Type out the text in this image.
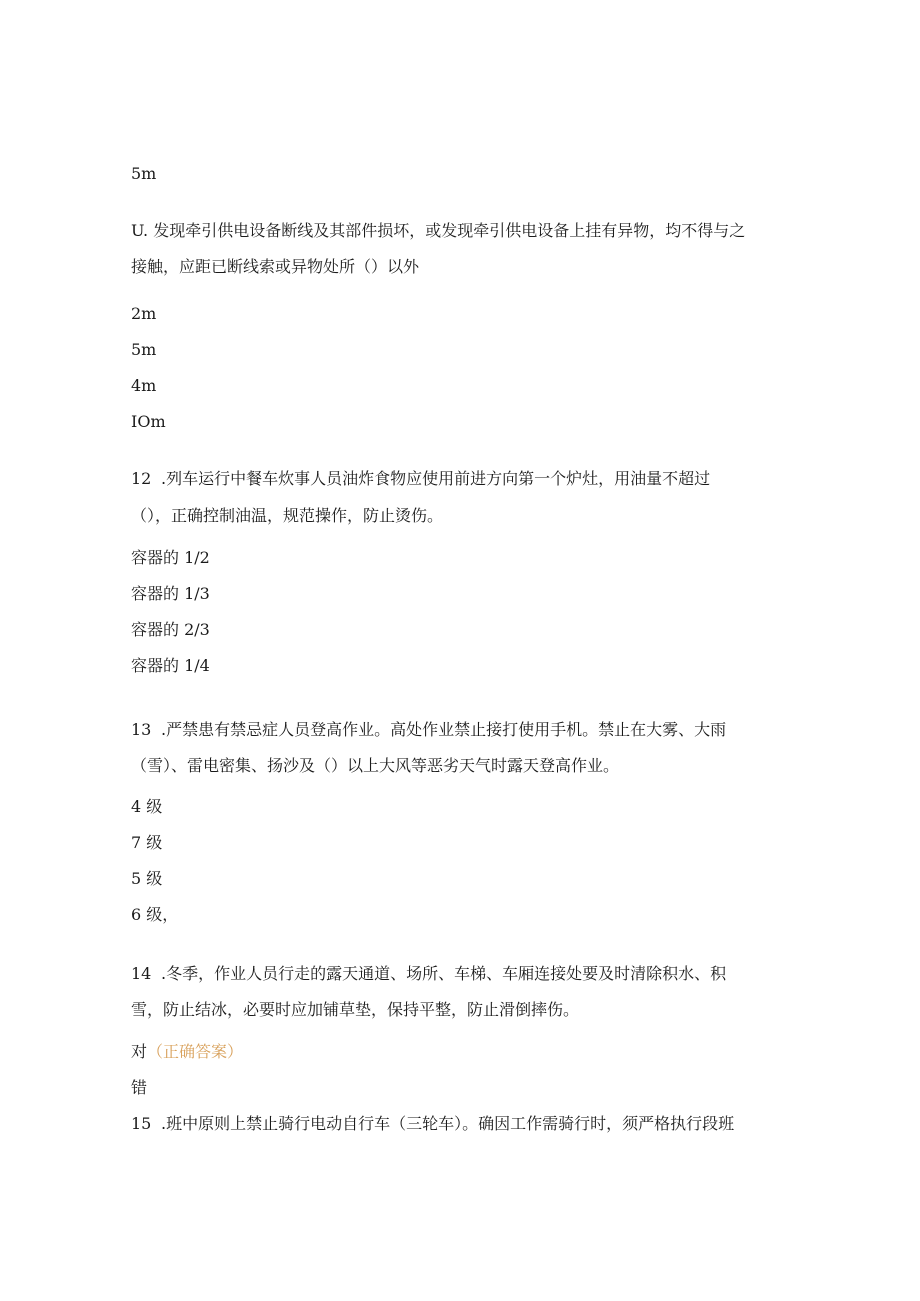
5m
U. 发现牵引供电设备断线及其部件损坏，或发现牵引供电设备上挂有异物，均不得与之
接触，应距已断线索或异物处所（）以外
2m
5m
4m
IOm
12 .列车运行中餐车炊事人员油炸食物应使用前进方向第一个炉灶，用油量不超过
（），正确控制油温，规范操作，防止烫伤。
容器的 1/2
容器的 1/3
容器的 2/3
容器的 1/4
13 .严禁患有禁忌症人员登高作业。高处作业禁止接打使用手机。禁止在大雾、大雨
（雪）、雷电密集、扬沙及（）以上大风等恶劣天气时露天登高作业。
4 级
7 级
5 级
6 级，
14 .冬季，作业人员行走的露天通道、场所、车梯、车厢连接处要及时清除积水、积
雪，防止结冰，必要时应加铺草垫，保持平整，防止滑倒摔伤。
对（正确答案）
错
15 .班中原则上禁止骑行电动自行车（三轮车）。确因工作需骑行时，须严格执行段班
